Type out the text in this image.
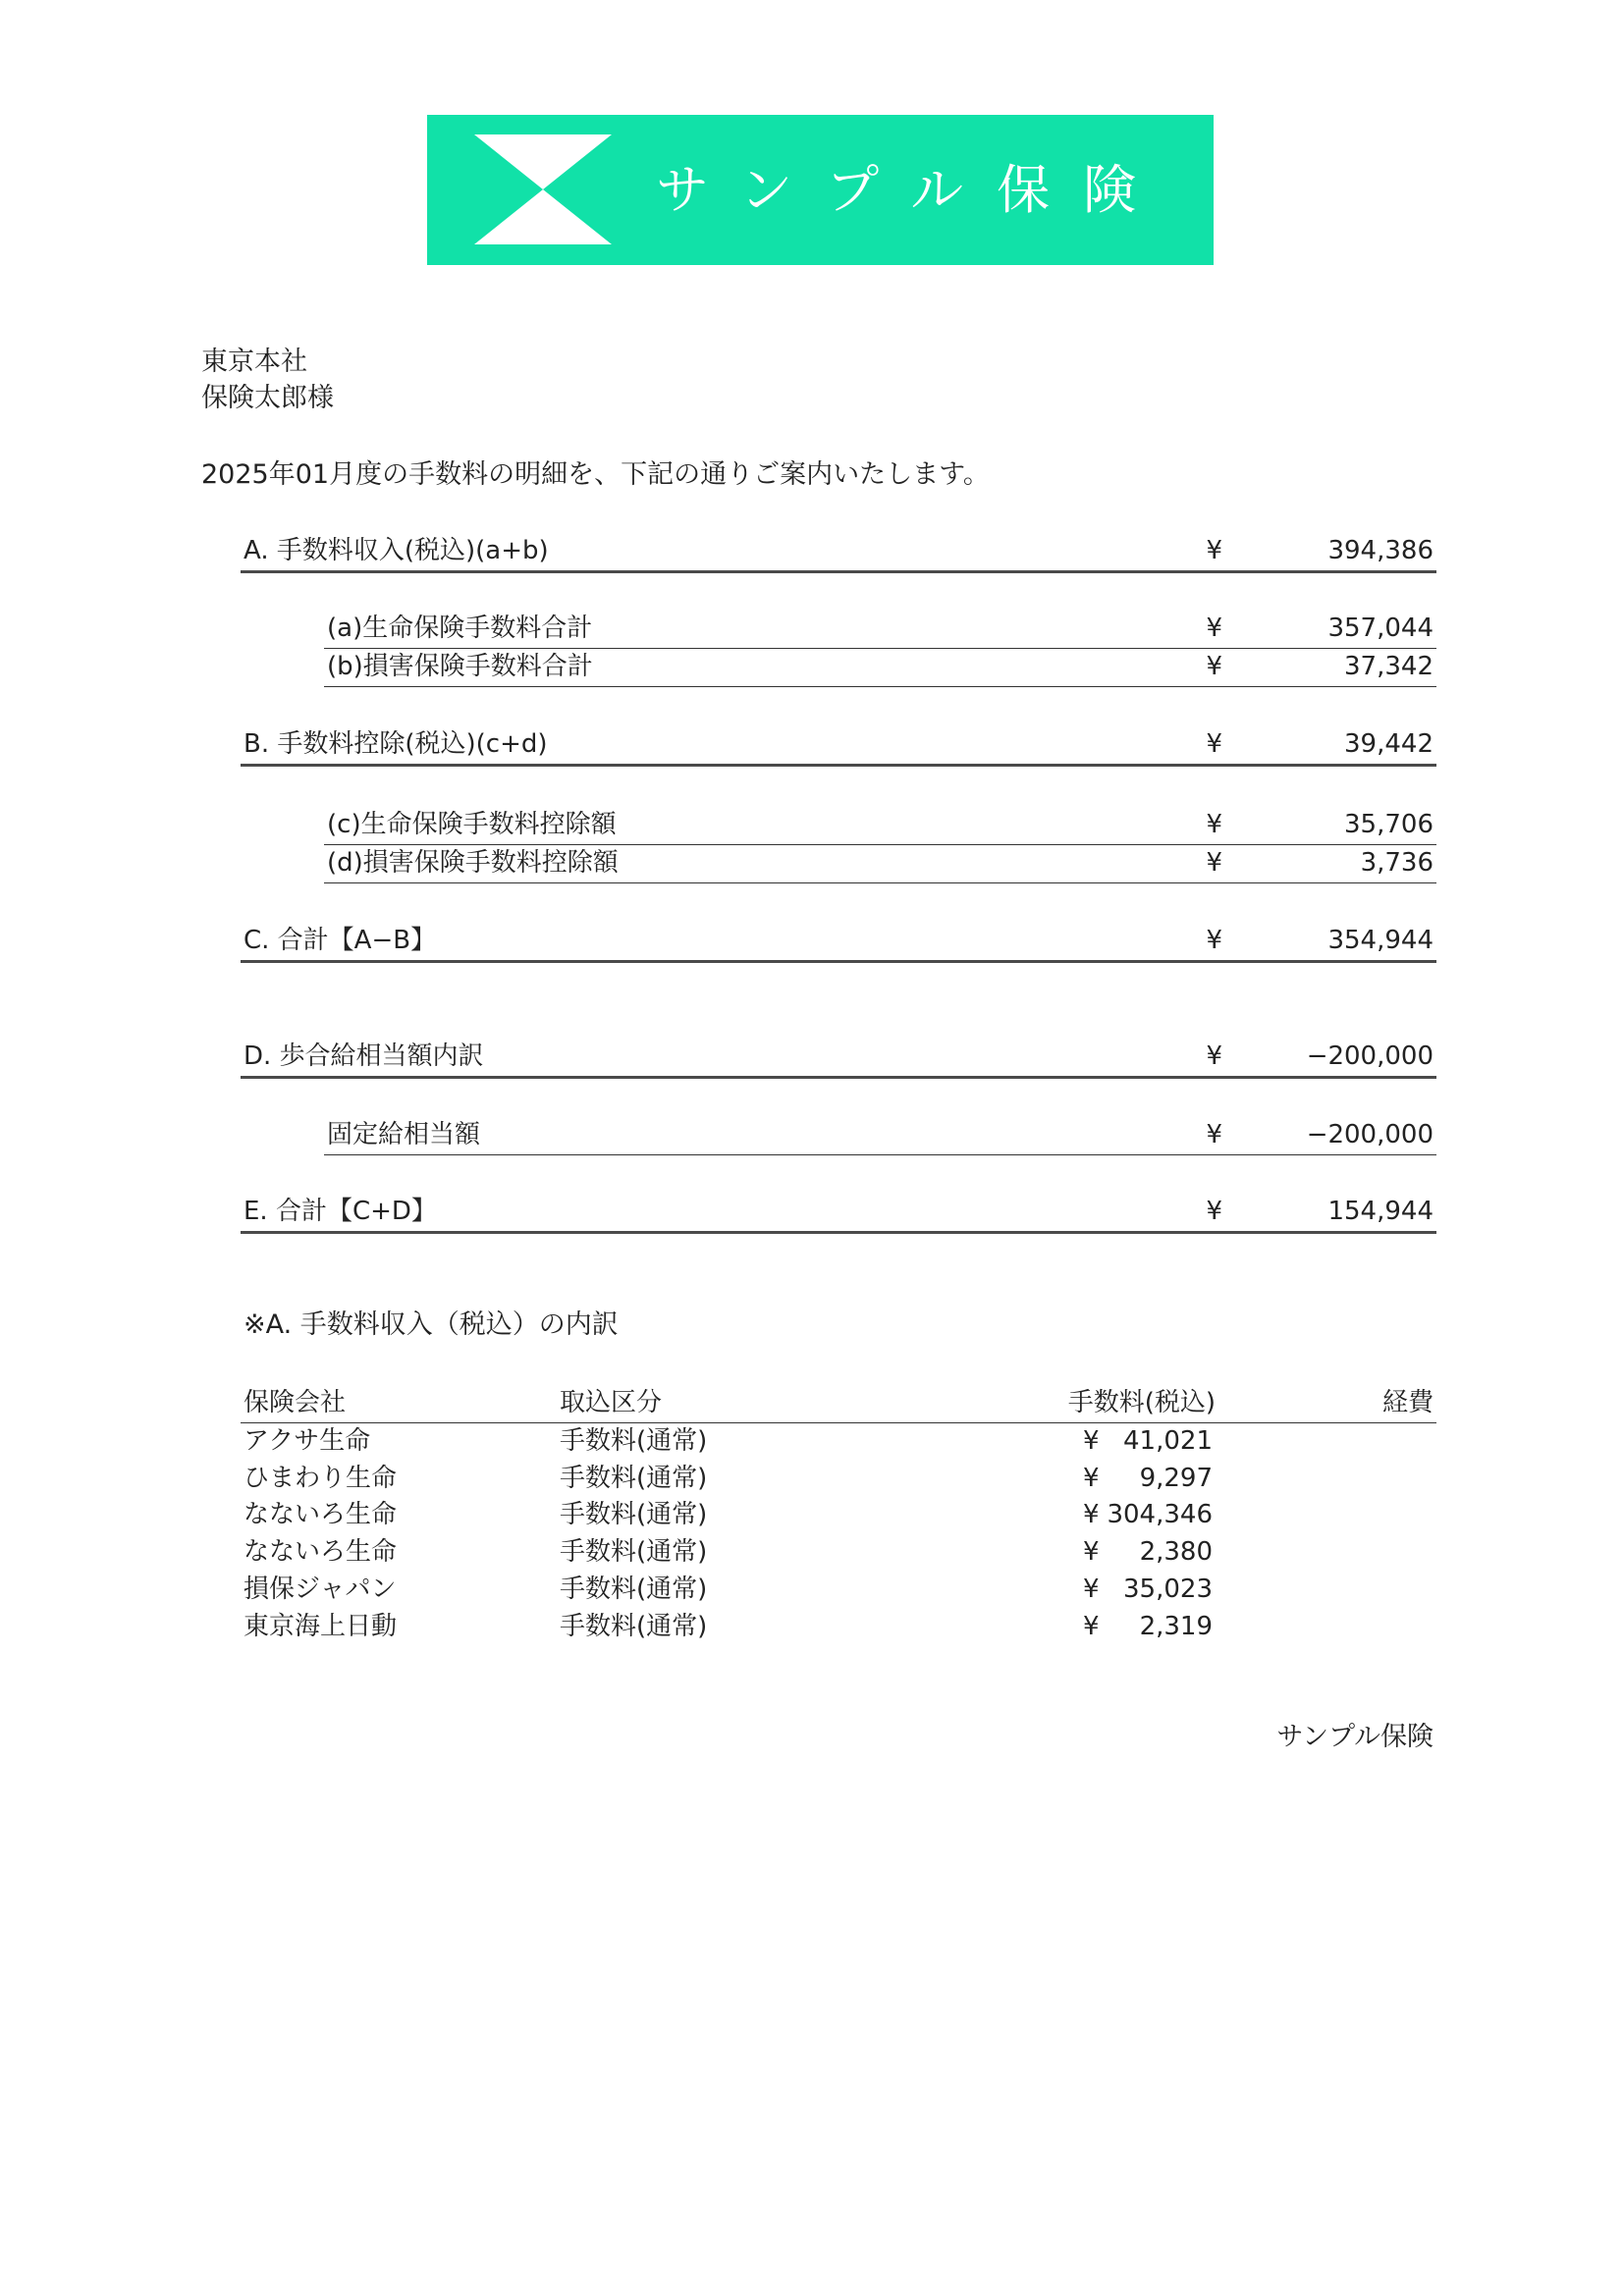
サンプル保険
東京本社
保険太郎様
2025年01月度の手数料の明細を、下記の通りご案内いたします。
A. 手数料収入(税込)(a+b)	¥	394,386
(a)生命保険手数料合計	¥	357,044
(b)損害保険手数料合計	¥	37,342
B. 手数料控除(税込)(c+d)	¥	39,442
(c)生命保険手数料控除額	¥	35,706
(d)損害保険手数料控除額	¥	3,736
C. 合計【A−B】	¥	354,944
D. 歩合給相当額内訳	¥	−200,000
固定給相当額	¥	−200,000
E. 合計【C+D】	¥	154,944
※A. 手数料収入（税込）の内訳
保険会社	取込区分	手数料(税込)	経費
アクサ生命	手数料(通常)	¥ 41,021
ひまわり生命	手数料(通常)	¥ 9,297
なないろ生命	手数料(通常)	¥ 304,346
なないろ生命	手数料(通常)	¥ 2,380
損保ジャパン	手数料(通常)	¥ 35,023
東京海上日動	手数料(通常)	¥ 2,319
サンプル保険
